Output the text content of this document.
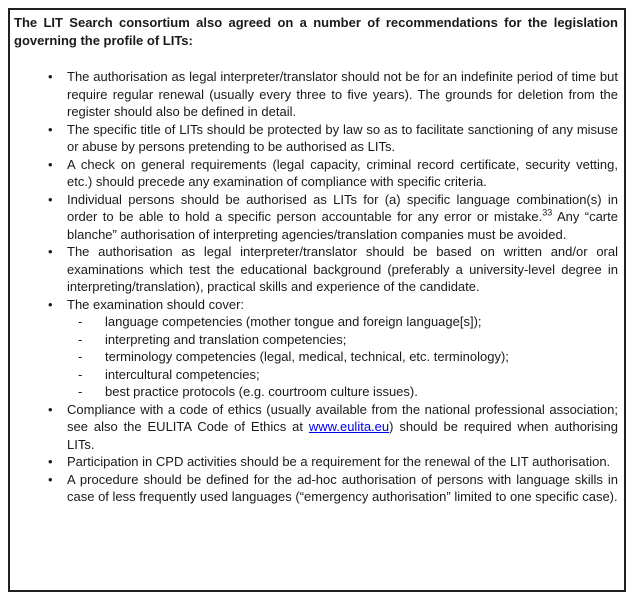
The LIT Search consortium also agreed on a number of recommendations for the legislation governing the profile of LITs:

• The authorisation as legal interpreter/translator should not be for an indefinite period of time but require regular renewal (usually every three to five years). The grounds for deletion from the register should also be defined in detail.
• The specific title of LITs should be protected by law so as to facilitate sanctioning of any misuse or abuse by persons pretending to be authorised as LITs.
• A check on general requirements (legal capacity, criminal record certificate, security vetting, etc.) should precede any examination of compliance with specific criteria.
• Individual persons should be authorised as LITs for (a) specific language combination(s) in order to be able to hold a specific person accountable for any error or mistake.$^{33}$ Any “carte blanche” authorisation of interpreting agencies/translation companies must be avoided.
• The authorisation as legal interpreter/translator should be based on written and/or oral examinations which test the educational background (preferably a university-level degree in interpreting/translation), practical skills and experience of the candidate.
• The examination should cover:
- language competencies (mother tongue and foreign language[s]);
- interpreting and translation competencies;
- terminology competencies (legal, medical, technical, etc. terminology);
- intercultural competencies;
- best practice protocols (e.g. courtroom culture issues).
• Compliance with a code of ethics (usually available from the national professional association; see also the EULITA Code of Ethics at www.eulita.eu) should be required when authorising LITs.
• Participation in CPD activities should be a requirement for the renewal of the LIT authorisation.
• A procedure should be defined for the ad-hoc authorisation of persons with language skills in case of less frequently used languages (“emergency authorisation” limited to one specific case).
